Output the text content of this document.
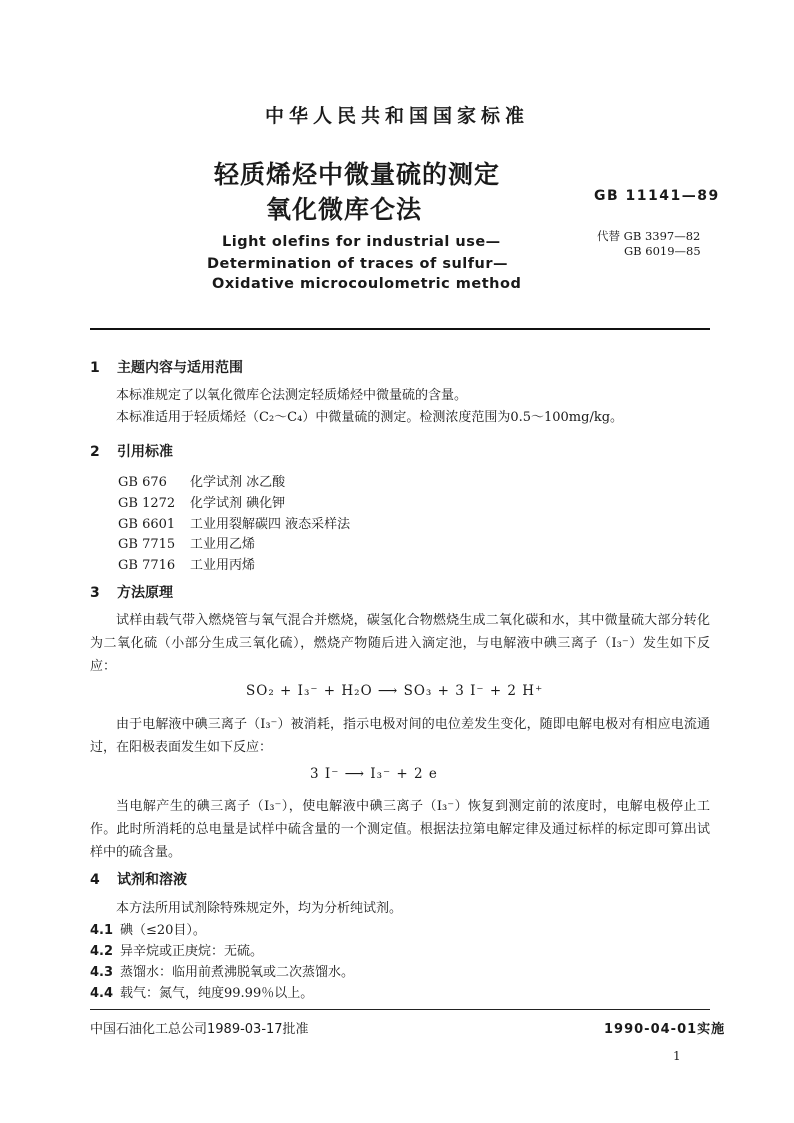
中华人民共和国国家标准
轻质烯烃中微量硫的测定
氧化微库仑法	GB 11141—89
代替 GB 3397—82
GB 6019—85
Light olefins for industrial use—
Determination of traces of sulfur—
Oxidative microcoulometric method
1 主题内容与适用范围
本标准规定了以氧化微库仑法测定轻质烯烃中微量硫的含量。
本标准适用于轻质烯烃（C₂～C₄）中微量硫的测定。检测浓度范围为0.5～100mg/kg。
2 引用标准
GB 676 化学试剂 冰乙酸
GB 1272 化学试剂 碘化钾
GB 6601 工业用裂解碳四 液态采样法
GB 7715 工业用乙烯
GB 7716 工业用丙烯
3 方法原理
试样由载气带入燃烧管与氧气混合并燃烧，碳氢化合物燃烧生成二氧化碳和水，其中微量硫大部分转化为二氧化硫（小部分生成三氧化硫），燃烧产物随后进入滴定池，与电解液中碘三离子（I₃⁻）发生如下反应：
SO₂ + I₃⁻ + H₂O ⟶ SO₃ + 3 I⁻ + 2 H⁺
由于电解液中碘三离子（I₃⁻）被消耗，指示电极对间的电位差发生变化，随即电解电极对有相应电流通过，在阳极表面发生如下反应：
3 I⁻ ⟶ I₃⁻ + 2 e
当电解产生的碘三离子（I₃⁻），使电解液中碘三离子（I₃⁻）恢复到测定前的浓度时，电解电极停止工作。此时所消耗的总电量是试样中硫含量的一个测定值。根据法拉第电解定律及通过标样的标定即可算出试样中的硫含量。
4 试剂和溶液
本方法所用试剂除特殊规定外，均为分析纯试剂。
4.1 碘（≤20目）。
4.2 异辛烷或正庚烷：无硫。
4.3 蒸馏水：临用前煮沸脱氧或二次蒸馏水。
4.4 载气：氮气，纯度99.99％以上。
中国石油化工总公司1989-03-17批准	1990-04-01实施
1
